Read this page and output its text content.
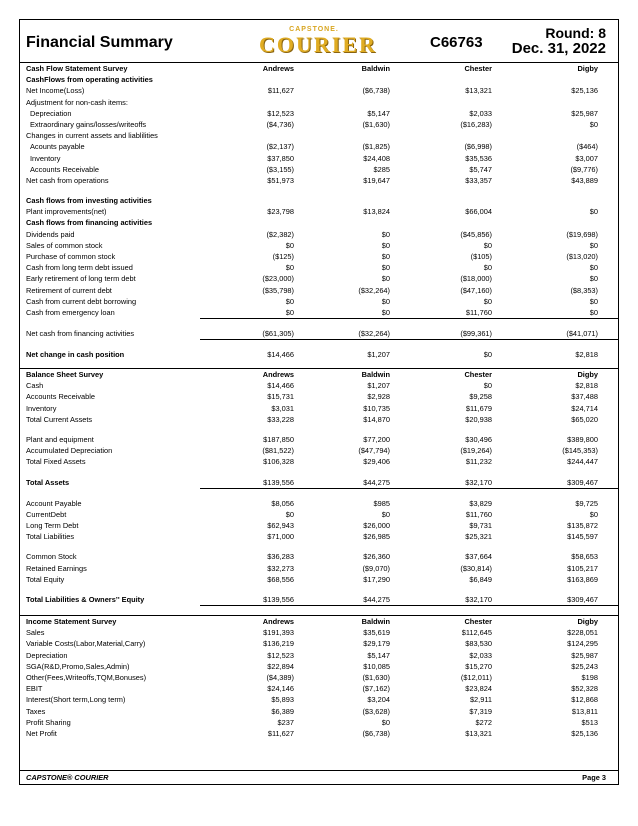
Financial Summary
CAPSTONE.
COURIER	C66763
Round: 8
Dec. 31, 2022
Cash Flow Statement Survey	Andrews	Baldwin	Chester	Digby
CashFlows from operating activities
Net Income(Loss)	$11,627	($6,738)	$13,321	$25,136
Adjustment for non-cash items:
Depreciation	$12,523	$5,147	$2,033	$25,987
Extraordinary gains/losses/writeoffs	($4,736)	($1,630)	($16,283)	$0
Changes in current assets and liablilities
Acounts payable	($2,137)	($1,825)	($6,998)	($464)
Inventory	$37,850	$24,408	$35,536	$3,007
Accounts Receivable	($3,155)	$285	$5,747	($9,776)
Net cash from operations	$51,973	$19,647	$33,357	$43,889
Cash flows from investing activities
Plant improvements(net)	$23,798	$13,824	$66,004	$0
Cash flows from financing activities
Dividends paid	($2,382)	$0	($45,856)	($19,698)
Sales of common stock	$0	$0	$0	$0
Purchase of common stock	($125)	$0	($105)	($13,020)
Cash from long term debt issued	$0	$0	$0	$0
Early retirement of long term debt	($23,000)	$0	($18,000)	$0
Retirement of current debt	($35,798)	($32,264)	($47,160)	($8,353)
Cash from current debt borrowing	$0	$0	$0	$0
Cash from emergency loan	$0	$0	$11,760	$0
Net cash from financing activities	($61,305)	($32,264)	($99,361)	($41,071)
Net change in cash position	$14,466	$1,207	$0	$2,818
Balance Sheet Survey	Andrews	Baldwin	Chester	Digby
Cash	$14,466	$1,207	$0	$2,818
Accounts Receivable	$15,731	$2,928	$9,258	$37,488
Inventory	$3,031	$10,735	$11,679	$24,714
Total Current Assets	$33,228	$14,870	$20,938	$65,020
Plant and equipment	$187,850	$77,200	$30,496	$389,800
Accumulated Depreciation	($81,522)	($47,794)	($19,264)	($145,353)
Total Fixed Assets	$106,328	$29,406	$11,232	$244,447
Total Assets	$139,556	$44,275	$32,170	$309,467
Account Payable	$8,056	$985	$3,829	$9,725
CurrentDebt	$0	$0	$11,760	$0
Long Term Debt	$62,943	$26,000	$9,731	$135,872
Total Liabilities	$71,000	$26,985	$25,321	$145,597
Common Stock	$36,283	$26,360	$37,664	$58,653
Retained Earnings	$32,273	($9,070)	($30,814)	$105,217
Total Equity	$68,556	$17,290	$6,849	$163,869
Total Liabilities & Owners’' Equity	$139,556	$44,275	$32,170	$309,467
Income Statement Survey	Andrews	Baldwin	Chester	Digby
Sales	$191,393	$35,619	$112,645	$228,051
Variable Costs(Labor,Material,Carry)	$136,219	$29,179	$83,530	$124,295
Depreciation	$12,523	$5,147	$2,033	$25,987
SGA(R&D,Promo,Sales,Admin)	$22,894	$10,085	$15,270	$25,243
Other(Fees,Writeoffs,TQM,Bonuses)	($4,389)	($1,630)	($12,011)	$198
EBIT	$24,146	($7,162)	$23,824	$52,328
Interest(Short term,Long term)	$5,893	$3,204	$2,911	$12,868
Taxes	$6,389	($3,628)	$7,319	$13,811
Profit Sharing	$237	$0	$272	$513
Net Profit	$11,627	($6,738)	$13,321	$25,136
CAPSTONE® COURIER	Page 3
